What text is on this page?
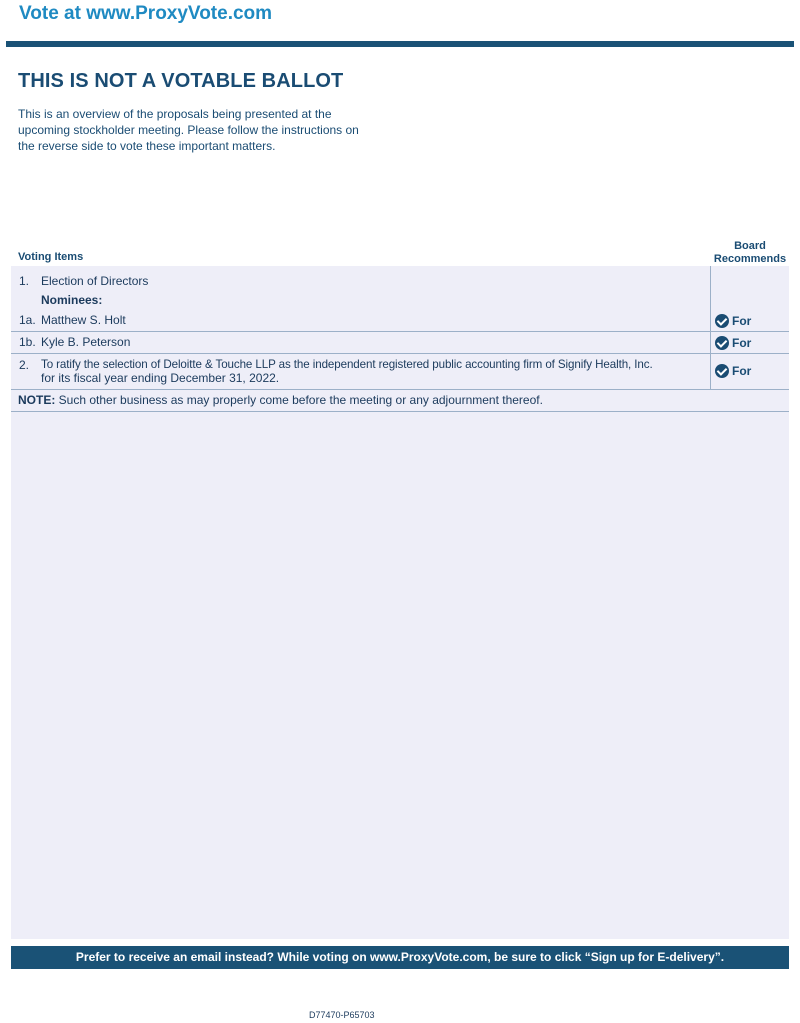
Vote at www.ProxyVote.com
THIS IS NOT A VOTABLE BALLOT
This is an overview of the proposals being presented at the
upcoming stockholder meeting. Please follow the instructions on
the reverse side to vote these important matters.
Voting Items
Board
Recommends
1. Election of Directors
Nominees:
1a. Matthew S. Holt	For
1b. Kyle B. Peterson	For
2. To ratify the selection of Deloitte & Touche LLP as the independent registered public accounting firm of Signify Health, Inc.
for its fiscal year ending December 31, 2022.	For
NOTE: Such other business as may properly come before the meeting or any adjournment thereof.
Prefer to receive an email instead? While voting on www.ProxyVote.com, be sure to click “Sign up for E-delivery”.
D77470-P65703
